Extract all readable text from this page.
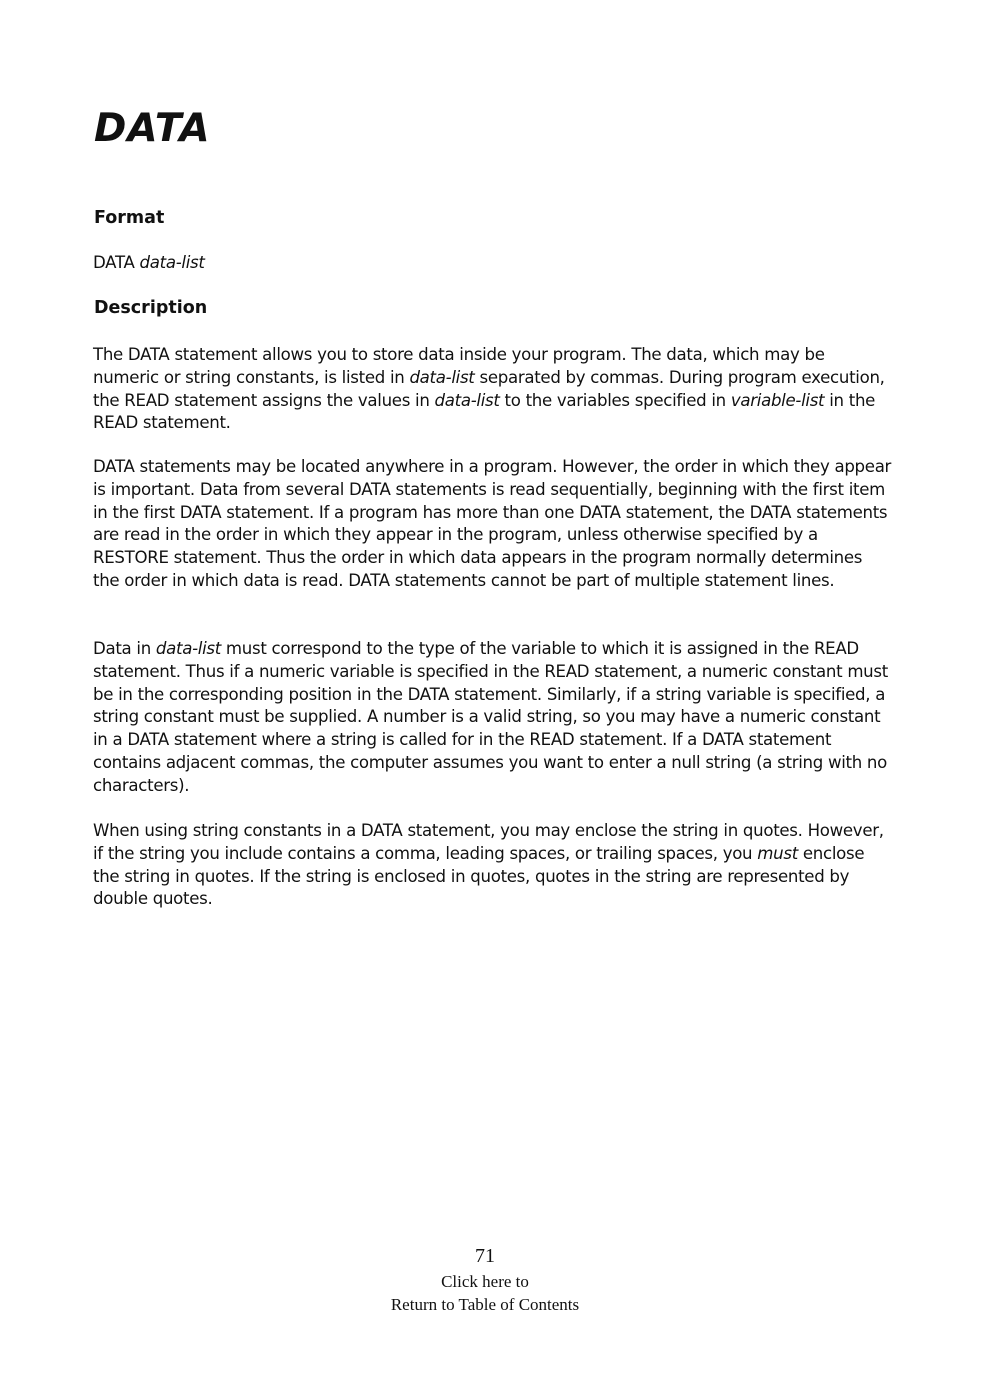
DATA

Format

DATA data-list

Description

The DATA statement allows you to store data inside your program. The data, which may be numeric or string constants, is listed in data-list separated by commas. During program execution, the READ statement assigns the values in data-list to the variables specified in variable-list in the READ statement.

DATA statements may be located anywhere in a program. However, the order in which they appear is important. Data from several DATA statements is read sequentially, beginning with the first item in the first DATA statement. If a program has more than one DATA statement, the DATA statements are read in the order in which they appear in the program, unless otherwise specified by a RESTORE statement. Thus the order in which data appears in the program normally determines the order in which data is read. DATA statements cannot be part of multiple statement lines.

Data in data-list must correspond to the type of the variable to which it is assigned in the READ statement. Thus if a numeric variable is specified in the READ statement, a numeric constant must be in the corresponding position in the DATA statement. Similarly, if a string variable is specified, a string constant must be supplied. A number is a valid string, so you may have a numeric constant in a DATA statement where a string is called for in the READ statement. If a DATA statement contains adjacent commas, the computer assumes you want to enter a null string (a string with no characters).

When using string constants in a DATA statement, you may enclose the string in quotes. However, if the string you include contains a comma, leading spaces, or trailing spaces, you must enclose the string in quotes. If the string is enclosed in quotes, quotes in the string are represented by double quotes.

71
Click here to
Return to Table of Contents
